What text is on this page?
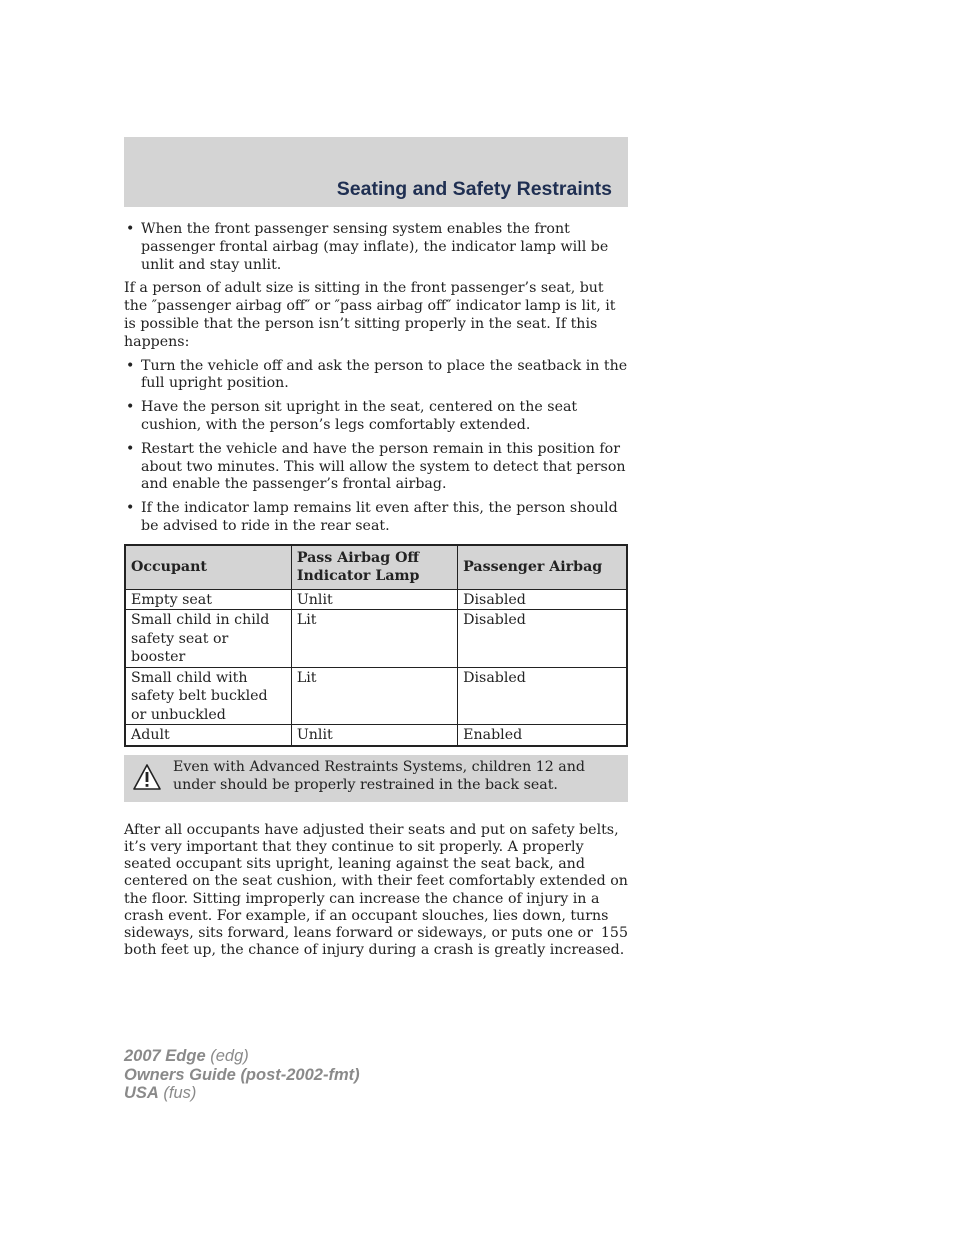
Seating and Safety Restraints
• When the front passenger sensing system enables the front passenger frontal airbag (may inflate), the indicator lamp will be unlit and stay unlit.

If a person of adult size is sitting in the front passenger’s seat, but the ″passenger airbag off″ or ″pass airbag off″ indicator lamp is lit, it is possible that the person isn’t sitting properly in the seat. If this happens:

• Turn the vehicle off and ask the person to place the seatback in the full upright position.
• Have the person sit upright in the seat, centered on the seat cushion, with the person’s legs comfortably extended.
• Restart the vehicle and have the person remain in this position for about two minutes. This will allow the system to detect that person and enable the passenger’s frontal airbag.
• If the indicator lamp remains lit even after this, the person should be advised to ride in the rear seat.
Occupant	Pass Airbag Off Indicator Lamp	Passenger Airbag
Empty seat	Unlit	Disabled
Small child in child safety seat or booster	Lit	Disabled
Small child with safety belt buckled or unbuckled	Lit	Disabled
Adult	Unlit	Enabled
Even with Advanced Restraints Systems, children 12 and under should be properly restrained in the back seat.

After all occupants have adjusted their seats and put on safety belts, it’s very important that they continue to sit properly. A properly seated occupant sits upright, leaning against the seat back, and centered on the seat cushion, with their feet comfortably extended on the floor. Sitting improperly can increase the chance of injury in a crash event. For example, if an occupant slouches, lies down, turns sideways, sits forward, leans forward or sideways, or puts one or both feet up, the chance of injury during a crash is greatly increased.

155
2007 Edge (edg)
Owners Guide (post-2002-fmt)
USA (fus)
